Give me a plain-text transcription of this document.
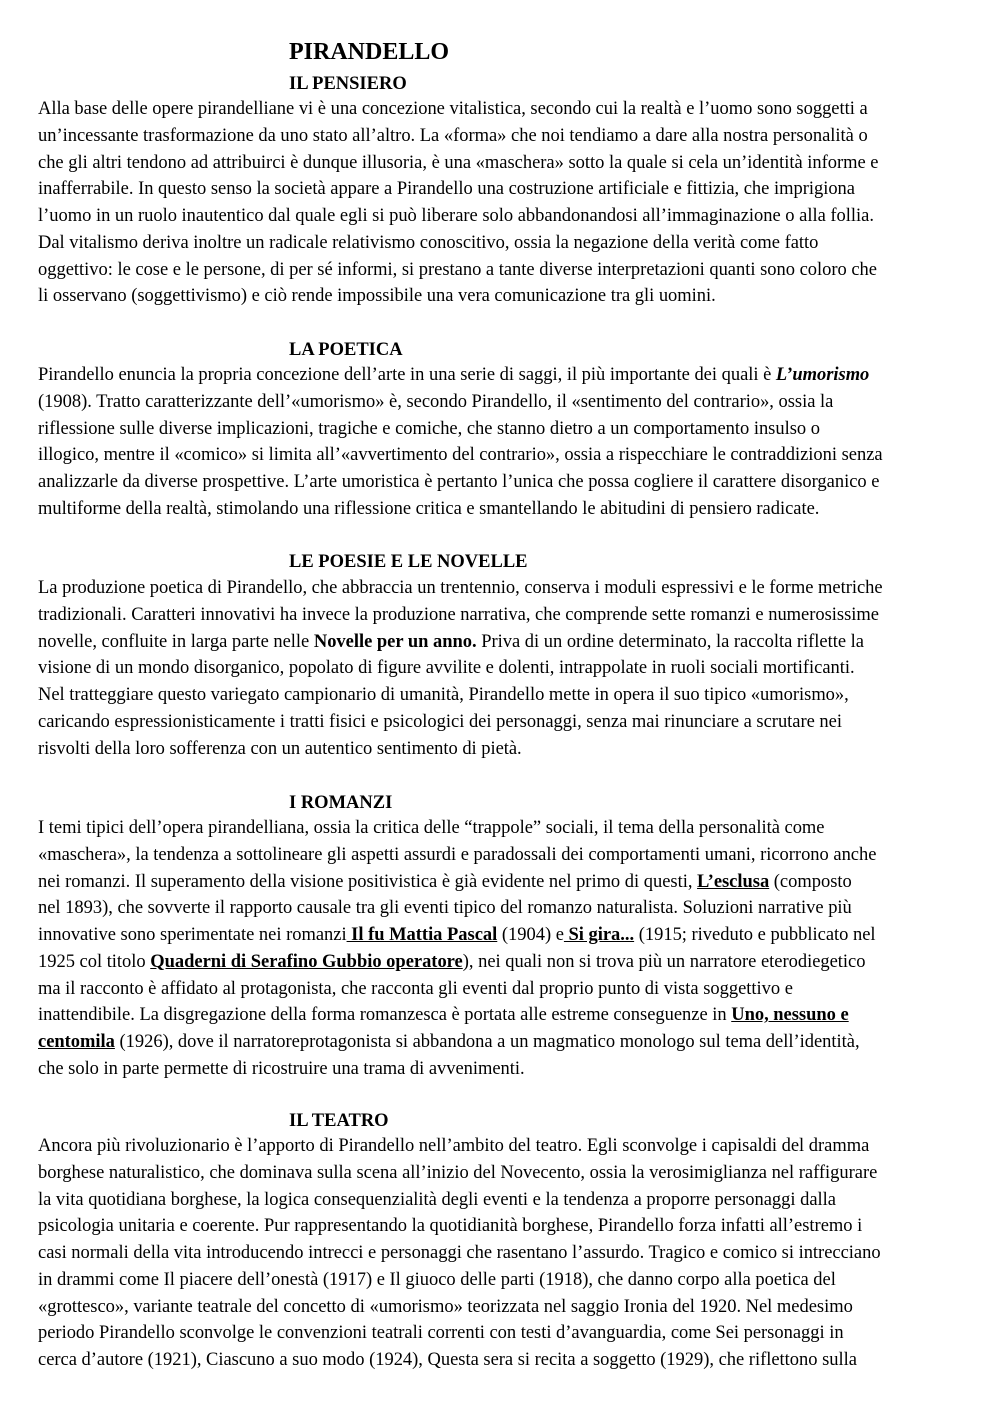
PIRANDELLO
IL PENSIERO
Alla base delle opere pirandelliane vi è una concezione vitalistica, secondo cui la realtà e l’uomo sono soggetti a
un’incessante trasformazione da uno stato all’altro. La «forma» che noi tendiamo a dare alla nostra personalità o
che gli altri tendono ad attribuirci è dunque illusoria, è una «maschera» sotto la quale si cela un’identità informe e
inafferrabile. In questo senso la società appare a Pirandello una costruzione artificiale e fittizia, che imprigiona
l’uomo in un ruolo inautentico dal quale egli si può liberare solo abbandonandosi all’immaginazione o alla follia.
Dal vitalismo deriva inoltre un radicale relativismo conoscitivo, ossia la negazione della verità come fatto
oggettivo: le cose e le persone, di per sé informi, si prestano a tante diverse interpretazioni quanti sono coloro che
li osservano (soggettivismo) e ciò rende impossibile una vera comunicazione tra gli uomini.
LA POETICA
Pirandello enuncia la propria concezione dell’arte in una serie di saggi, il più importante dei quali è L’umorismo
(1908). Tratto caratterizzante dell’«umorismo» è, secondo Pirandello, il «sentimento del contrario», ossia la
riflessione sulle diverse implicazioni, tragiche e comiche, che stanno dietro a un comportamento insulso o
illogico, mentre il «comico» si limita all’«avvertimento del contrario», ossia a rispecchiare le contraddizioni senza
analizzarle da diverse prospettive. L’arte umoristica è pertanto l’unica che possa cogliere il carattere disorganico e
multiforme della realtà, stimolando una riflessione critica e smantellando le abitudini di pensiero radicate.
LE POESIE E LE NOVELLE
La produzione poetica di Pirandello, che abbraccia un trentennio, conserva i moduli espressivi e le forme metriche
tradizionali. Caratteri innovativi ha invece la produzione narrativa, che comprende sette romanzi e numerosissime
novelle, confluite in larga parte nelle Novelle per un anno. Priva di un ordine determinato, la raccolta riflette la
visione di un mondo disorganico, popolato di figure avvilite e dolenti, intrappolate in ruoli sociali mortificanti.
Nel tratteggiare questo variegato campionario di umanità, Pirandello mette in opera il suo tipico «umorismo»,
caricando espressionisticamente i tratti fisici e psicologici dei personaggi, senza mai rinunciare a scrutare nei
risvolti della loro sofferenza con un autentico sentimento di pietà.
I ROMANZI
I temi tipici dell’opera pirandelliana, ossia la critica delle “trappole” sociali, il tema della personalità come
«maschera», la tendenza a sottolineare gli aspetti assurdi e paradossali dei comportamenti umani, ricorrono anche
nei romanzi. Il superamento della visione positivistica è già evidente nel primo di questi, L’esclusa (composto
nel 1893), che sovverte il rapporto causale tra gli eventi tipico del romanzo naturalista. Soluzioni narrative più
innovative sono sperimentate nei romanzi Il fu Mattia Pascal (1904) e Si gira... (1915; riveduto e pubblicato nel
1925 col titolo Quaderni di Serafino Gubbio operatore), nei quali non si trova più un narratore eterodiegetico
ma il racconto è affidato al protagonista, che racconta gli eventi dal proprio punto di vista soggettivo e
inattendibile. La disgregazione della forma romanzesca è portata alle estreme conseguenze in Uno, nessuno e
centomila (1926), dove il narratoreprotagonista si abbandona a un magmatico monologo sul tema dell’identità,
che solo in parte permette di ricostruire una trama di avvenimenti.
IL TEATRO
Ancora più rivoluzionario è l’apporto di Pirandello nell’ambito del teatro. Egli sconvolge i capisaldi del dramma
borghese naturalistico, che dominava sulla scena all’inizio del Novecento, ossia la verosimiglianza nel raffigurare
la vita quotidiana borghese, la logica consequenzialità degli eventi e la tendenza a proporre personaggi dalla
psicologia unitaria e coerente. Pur rappresentando la quotidianità borghese, Pirandello forza infatti all’estremo i
casi normali della vita introducendo intrecci e personaggi che rasentano l’assurdo. Tragico e comico si intrecciano
in drammi come Il piacere dell’onestà (1917) e Il giuoco delle parti (1918), che danno corpo alla poetica del
«grottesco», variante teatrale del concetto di «umorismo» teorizzata nel saggio Ironia del 1920. Nel medesimo
periodo Pirandello sconvolge le convenzioni teatrali correnti con testi d’avanguardia, come Sei personaggi in
cerca d’autore (1921), Ciascuno a suo modo (1924), Questa sera si recita a soggetto (1929), che riflettono sulla
